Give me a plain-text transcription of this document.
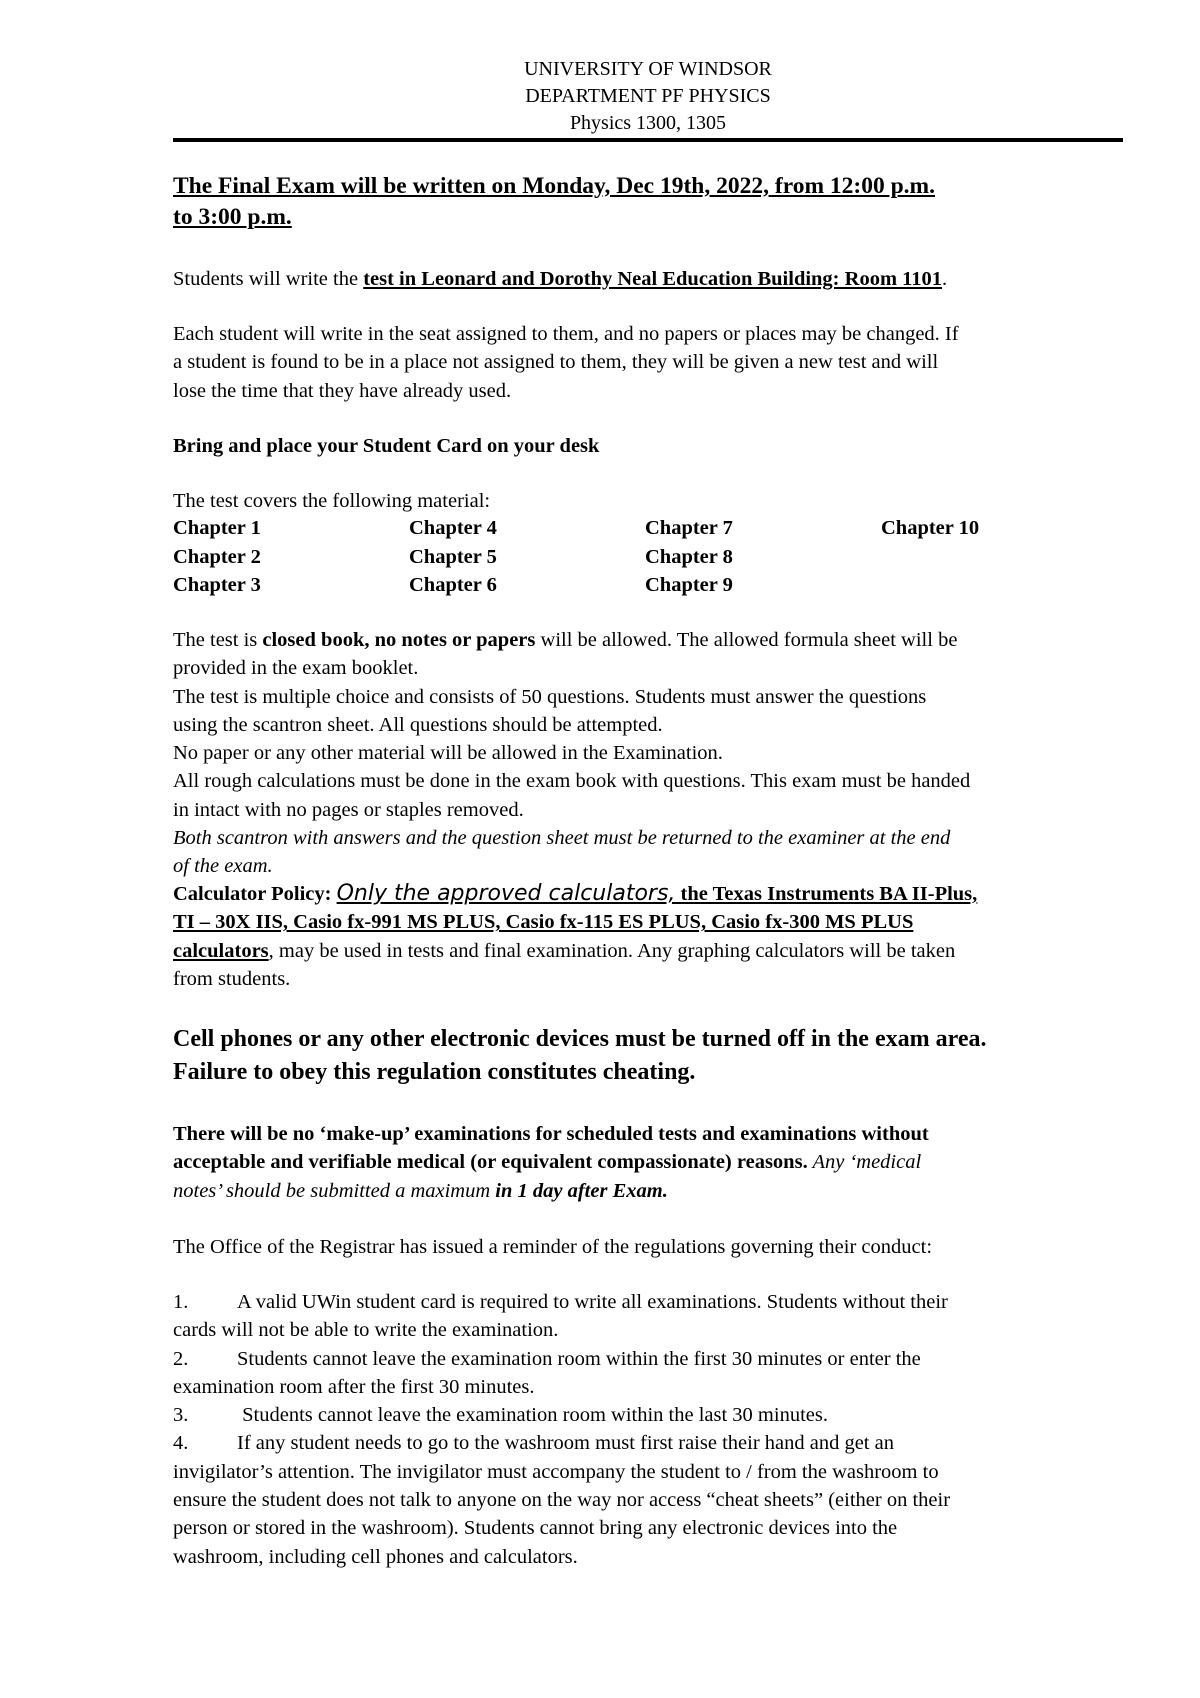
UNIVERSITY OF WINDSOR
DEPARTMENT PF PHYSICS
Physics 1300, 1305
The Final Exam will be written on Monday, Dec 19th, 2022, from 12:00 p.m.
to 3:00 p.m.
Students will write the test in Leonard and Dorothy Neal Education Building: Room 1101.
Each student will write in the seat assigned to them, and no papers or places may be changed. If
a student is found to be in a place not assigned to them, they will be given a new test and will
lose the time that they have already used.
Bring and place your Student Card on your desk
The test covers the following material:
Chapter 1	Chapter 4	Chapter 7	Chapter 10
Chapter 2	Chapter 5	Chapter 8
Chapter 3	Chapter 6	Chapter 9
The test is closed book, no notes or papers will be allowed. The allowed formula sheet will be
provided in the exam booklet.
The test is multiple choice and consists of 50 questions. Students must answer the questions
using the scantron sheet. All questions should be attempted.
No paper or any other material will be allowed in the Examination.
All rough calculations must be done in the exam book with questions. This exam must be handed
in intact with no pages or staples removed.
Both scantron with answers and the question sheet must be returned to the examiner at the end
of the exam.
Calculator Policy: Only the approved calculators, the Texas Instruments BA II-Plus,
TI – 30X IIS, Casio fx-991 MS PLUS, Casio fx-115 ES PLUS, Casio fx-300 MS PLUS
calculators, may be used in tests and final examination. Any graphing calculators will be taken
from students.
Cell phones or any other electronic devices must be turned off in the exam area.
Failure to obey this regulation constitutes cheating.
There will be no ‘make-up’ examinations for scheduled tests and examinations without
acceptable and verifiable medical (or equivalent compassionate) reasons. Any ‘medical
notes’ should be submitted a maximum in 1 day after Exam.
The Office of the Registrar has issued a reminder of the regulations governing their conduct:
1. A valid UWin student card is required to write all examinations. Students without their
cards will not be able to write the examination.
2. Students cannot leave the examination room within the first 30 minutes or enter the
examination room after the first 30 minutes.
3. Students cannot leave the examination room within the last 30 minutes.
4. If any student needs to go to the washroom must first raise their hand and get an
invigilator’s attention. The invigilator must accompany the student to / from the washroom to
ensure the student does not talk to anyone on the way nor access “cheat sheets” (either on their
person or stored in the washroom). Students cannot bring any electronic devices into the
washroom, including cell phones and calculators.
